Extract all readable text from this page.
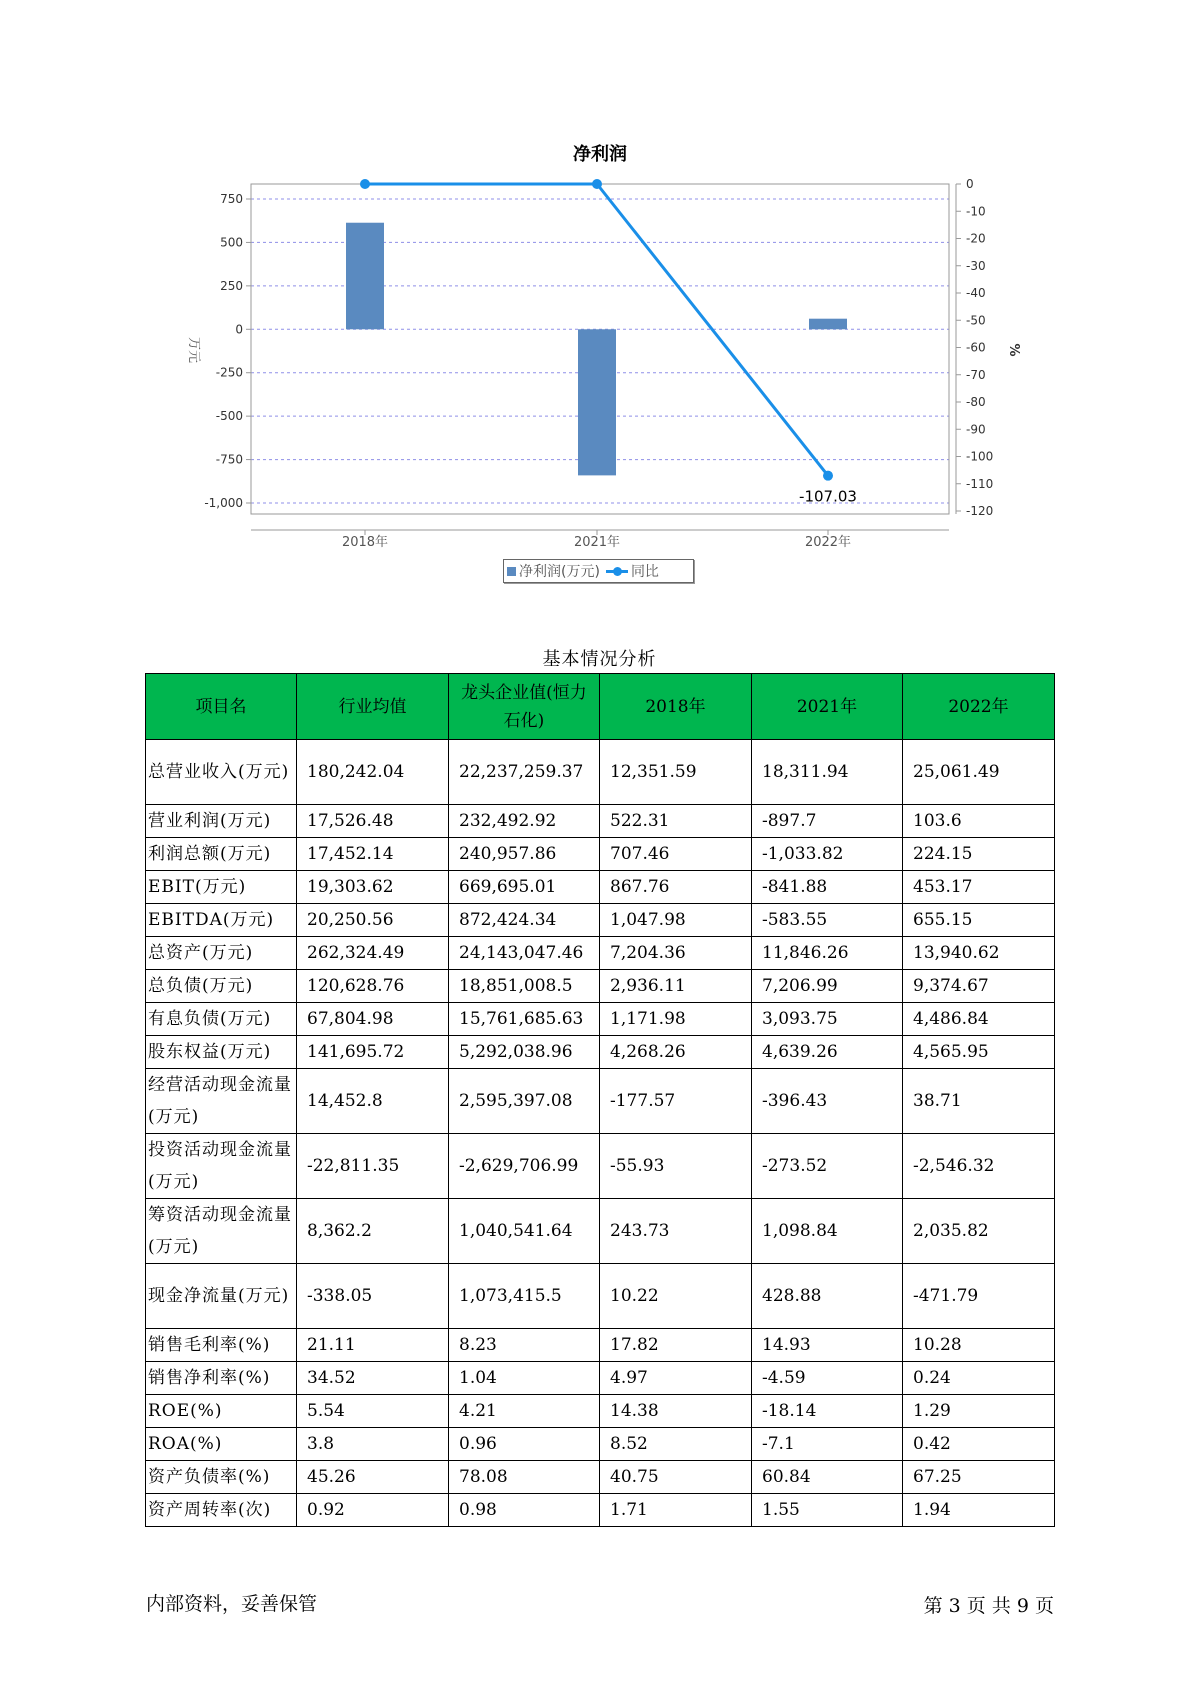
净利润
-107.03
750
500
250
0
-250
-500
-750
-1,000
0
-10
-20
-30
-40
-50
-60
-70
-80
-90
-100
-110
-120
2018年	2021年	2022年
万元	%
净利润(万元) 同比
基本情况分析
项目名	行业均值	龙头企业值(恒力石化)	2018年	2021年	2022年
总营业收入(万元)	180,242.04	22,237,259.37	12,351.59	18,311.94	25,061.49
营业利润(万元)	17,526.48	232,492.92	522.31	-897.7	103.6
利润总额(万元)	17,452.14	240,957.86	707.46	-1,033.82	224.15
EBIT(万元)	19,303.62	669,695.01	867.76	-841.88	453.17
EBITDA(万元)	20,250.56	872,424.34	1,047.98	-583.55	655.15
总资产(万元)	262,324.49	24,143,047.46	7,204.36	11,846.26	13,940.62
总负债(万元)	120,628.76	18,851,008.5	2,936.11	7,206.99	9,374.67
有息负债(万元)	67,804.98	15,761,685.63	1,171.98	3,093.75	4,486.84
股东权益(万元)	141,695.72	5,292,038.96	4,268.26	4,639.26	4,565.95
经营活动现金流量(万元)	14,452.8	2,595,397.08	-177.57	-396.43	38.71
投资活动现金流量(万元)	-22,811.35	-2,629,706.99	-55.93	-273.52	-2,546.32
筹资活动现金流量(万元)	8,362.2	1,040,541.64	243.73	1,098.84	2,035.82
现金净流量(万元)	-338.05	1,073,415.5	10.22	428.88	-471.79
销售毛利率(%)	21.11	8.23	17.82	14.93	10.28
销售净利率(%)	34.52	1.04	4.97	-4.59	0.24
ROE(%)	5.54	4.21	14.38	-18.14	1.29
ROA(%)	3.8	0.96	8.52	-7.1	0.42
资产负债率(%)	45.26	78.08	40.75	60.84	67.25
资产周转率(次)	0.92	0.98	1.71	1.55	1.94
内部资料，妥善保管	第 3 页 共 9 页
